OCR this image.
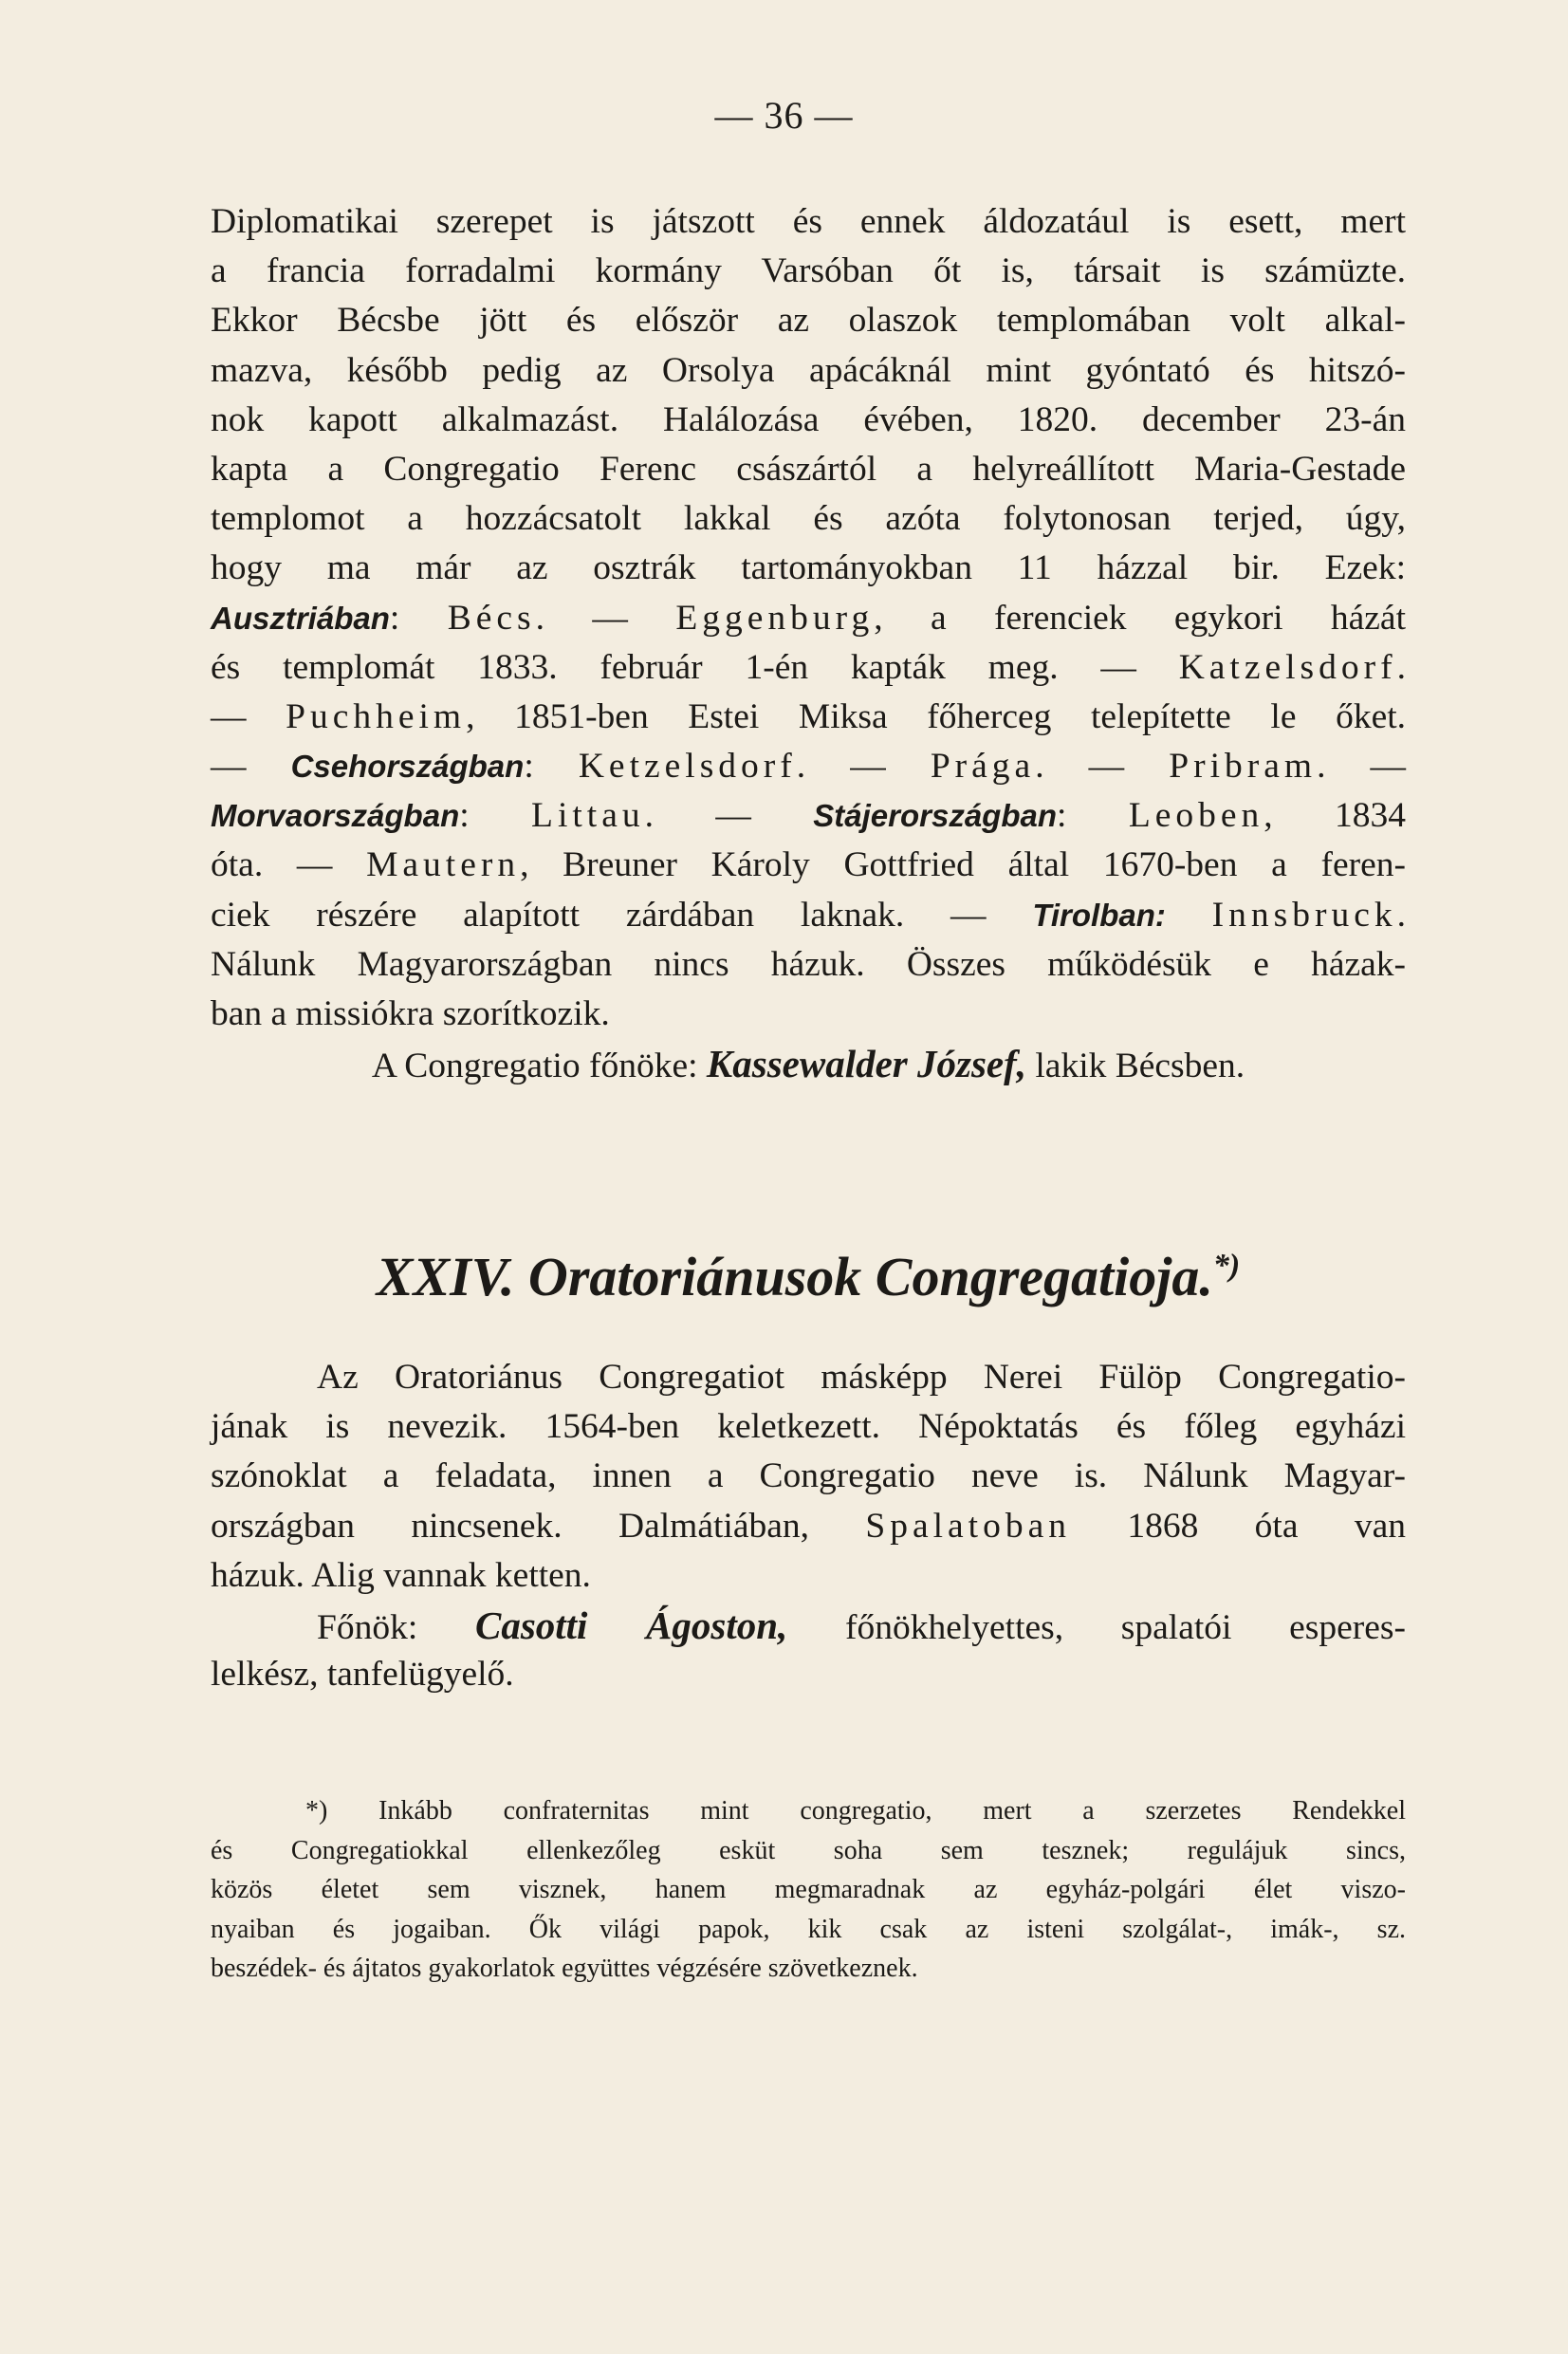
— 36 —
Diplomatikai szerepet is játszott és ennek áldozatául is esett, mert
a francia forradalmi kormány Varsóban őt is, társait is számüzte.
Ekkor Bécsbe jött és először az olaszok templomában volt alkal-
mazva, később pedig az Orsolya apácáknál mint gyóntató és hitszó-
nok kapott alkalmazást. Halálozása évében, 1820. december 23-án
kapta a Congregatio Ferenc császártól a helyreállított Maria-Gestade
templomot a hozzácsatolt lakkal és azóta folytonosan terjed, úgy,
hogy ma már az osztrák tartományokban 11 házzal bir. Ezek:
Ausztriában: Bécs. — Eggenburg, a ferenciek egykori házát
és templomát 1833. február 1-én kapták meg. — Katzelsdorf.
— Puchheim, 1851-ben Estei Miksa főherceg telepítette le őket.
— Csehországban: Ketzelsdorf. — Prága. — Pribram. —
Morvaországban: Littau. — Stájerországban: Leoben, 1834
óta. — Mautern, Breuner Károly Gottfried által 1670-ben a feren-
ciek részére alapított zárdában laknak. — Tirolban: Innsbruck.
Nálunk Magyarországban nincs házuk. Összes működésük e házak-
ban a missiókra szorítkozik.
A Congregatio főnöke: Kassewalder József, lakik Bécsben.
XXIV. Oratoriánusok Congregatioja.*)
Az Oratoriánus Congregatiot másképp Nerei Fülöp Congregatio-
jának is nevezik. 1564-ben keletkezett. Népoktatás és főleg egyházi
szónoklat a feladata, innen a Congregatio neve is. Nálunk Magyar-
országban nincsenek. Dalmátiában, Spalatoban 1868 óta van
házuk. Alig vannak ketten.
Főnök: Casotti Ágoston, főnökhelyettes, spalatói esperes-
lelkész, tanfelügyelő.
*) Inkább confraternitas mint congregatio, mert a szerzetes Rendekkel
és Congregatiokkal ellenkezőleg esküt soha sem tesznek; regulájuk sincs,
közös életet sem visznek, hanem megmaradnak az egyház-polgári élet viszo-
nyaiban és jogaiban. Ők világi papok, kik csak az isteni szolgálat-, imák-, sz.
beszédek- és ájtatos gyakorlatok együttes végzésére szövetkeznek.
